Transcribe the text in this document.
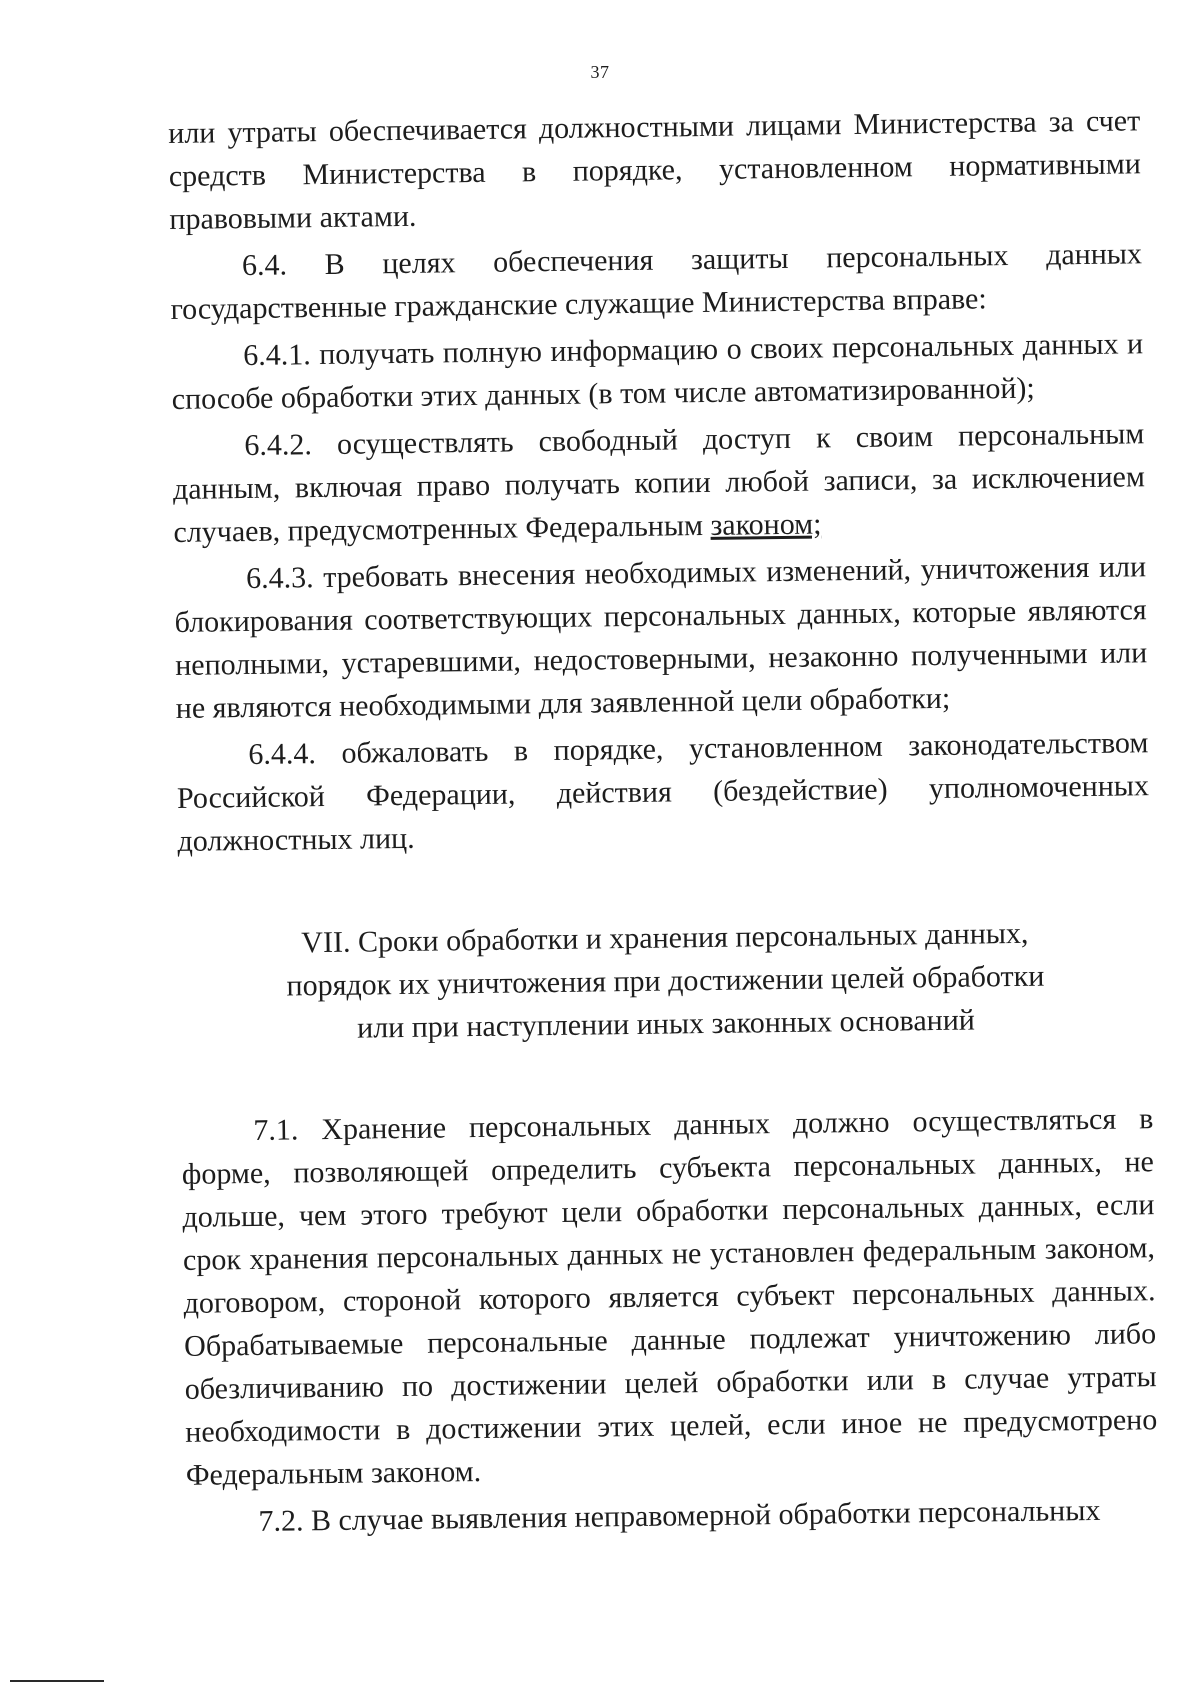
37

или утраты обеспечивается должностными лицами Министерства за счет средств Министерства в порядке, установленном нормативными правовыми актами.

6.4. В целях обеспечения защиты персональных данных государственные гражданские служащие Министерства вправе:

6.4.1. получать полную информацию о своих персональных данных и способе обработки этих данных (в том числе автоматизированной);

6.4.2. осуществлять свободный доступ к своим персональным данным, включая право получать копии любой записи, за исключением случаев, предусмотренных Федеральным законом;

6.4.3. требовать внесения необходимых изменений, уничтожения или блокирования соответствующих персональных данных, которые являются неполными, устаревшими, недостоверными, незаконно полученными или не являются необходимыми для заявленной цели обработки;

6.4.4. обжаловать в порядке, установленном законодательством Российской Федерации, действия (бездействие) уполномоченных должностных лиц.

VII. Сроки обработки и хранения персональных данных,
порядок их уничтожения при достижении целей обработки
или при наступлении иных законных оснований

7.1. Хранение персональных данных должно осуществляться в форме, позволяющей определить субъекта персональных данных, не дольше, чем этого требуют цели обработки персональных данных, если срок хранения персональных данных не установлен федеральным законом, договором, стороной которого является субъект персональных данных. Обрабатываемые персональные данные подлежат уничтожению либо обезличиванию по достижении целей обработки или в случае утраты необходимости в достижении этих целей, если иное не предусмотрено Федеральным законом.

7.2. В случае выявления неправомерной обработки персональных
